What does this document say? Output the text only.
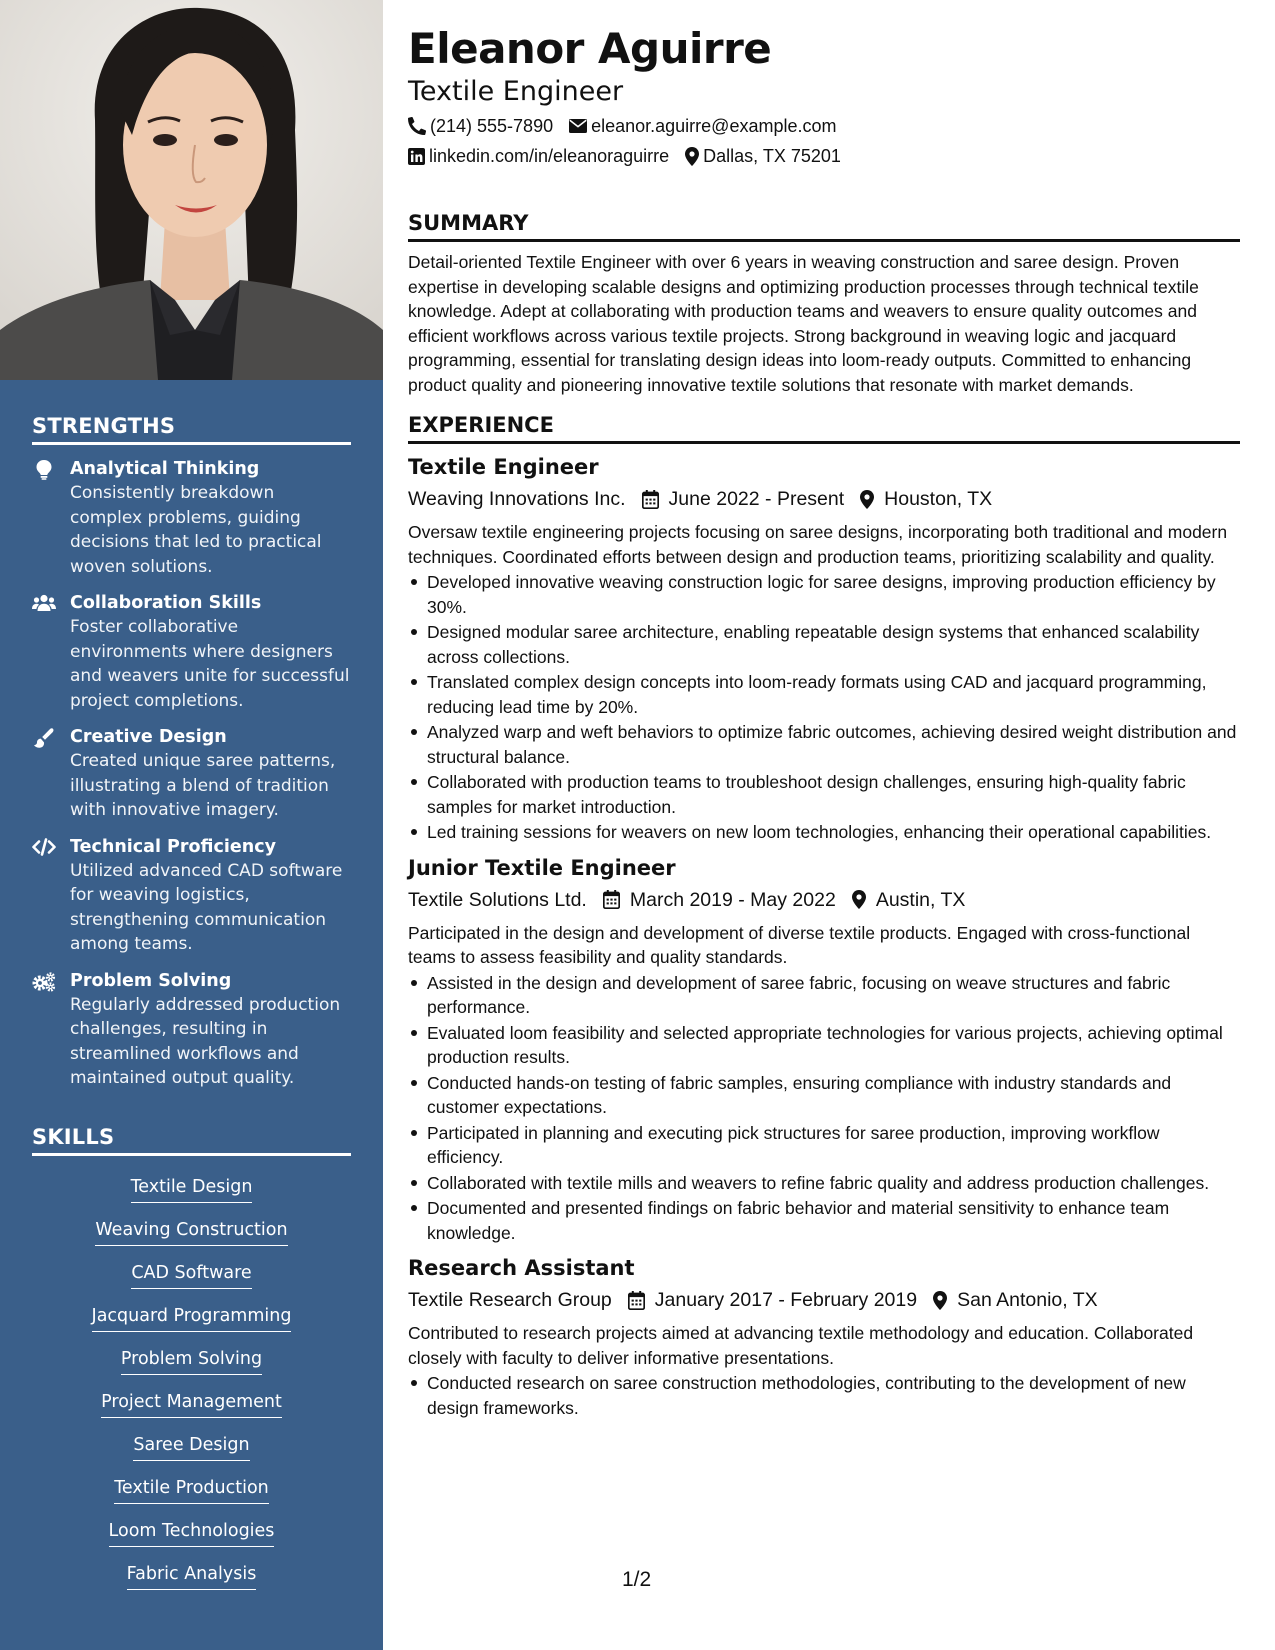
STRENGTHS
Analytical Thinking
Consistently breakdown complex problems, guiding decisions that led to practical woven solutions.
Collaboration Skills
Foster collaborative environments where designers and weavers unite for successful project completions.
Creative Design
Created unique saree patterns, illustrating a blend of tradition with innovative imagery.
Technical Proficiency
Utilized advanced CAD software for weaving logistics, strengthening communication among teams.
Problem Solving
Regularly addressed production challenges, resulting in streamlined workflows and maintained output quality.
SKILLS
Textile Design
Weaving Construction
CAD Software
Jacquard Programming
Problem Solving
Project Management
Saree Design
Textile Production
Loom Technologies
Fabric Analysis
Eleanor Aguirre
Textile Engineer
(214) 555-7890 eleanor.aguirre@example.com
linkedin.com/in/eleanoraguirre Dallas, TX 75201
SUMMARY
Detail-oriented Textile Engineer with over 6 years in weaving construction and saree design. Proven expertise in developing scalable designs and optimizing production processes through technical textile knowledge. Adept at collaborating with production teams and weavers to ensure quality outcomes and efficient workflows across various textile projects. Strong background in weaving logic and jacquard programming, essential for translating design ideas into loom-ready outputs. Committed to enhancing product quality and pioneering innovative textile solutions that resonate with market demands.
EXPERIENCE
Textile Engineer
Weaving Innovations Inc. June 2022 - Present Houston, TX
Oversaw textile engineering projects focusing on saree designs, incorporating both traditional and modern techniques. Coordinated efforts between design and production teams, prioritizing scalability and quality.
Developed innovative weaving construction logic for saree designs, improving production efficiency by 30%.
Designed modular saree architecture, enabling repeatable design systems that enhanced scalability across collections.
Translated complex design concepts into loom-ready formats using CAD and jacquard programming, reducing lead time by 20%.
Analyzed warp and weft behaviors to optimize fabric outcomes, achieving desired weight distribution and structural balance.
Collaborated with production teams to troubleshoot design challenges, ensuring high-quality fabric samples for market introduction.
Led training sessions for weavers on new loom technologies, enhancing their operational capabilities.
Junior Textile Engineer
Textile Solutions Ltd. March 2019 - May 2022 Austin, TX
Participated in the design and development of diverse textile products. Engaged with cross-functional teams to assess feasibility and quality standards.
Assisted in the design and development of saree fabric, focusing on weave structures and fabric performance.
Evaluated loom feasibility and selected appropriate technologies for various projects, achieving optimal production results.
Conducted hands-on testing of fabric samples, ensuring compliance with industry standards and customer expectations.
Participated in planning and executing pick structures for saree production, improving workflow efficiency.
Collaborated with textile mills and weavers to refine fabric quality and address production challenges.
Documented and presented findings on fabric behavior and material sensitivity to enhance team knowledge.
Research Assistant
Textile Research Group January 2017 - February 2019 San Antonio, TX
Contributed to research projects aimed at advancing textile methodology and education. Collaborated closely with faculty to deliver informative presentations.
Conducted research on saree construction methodologies, contributing to the development of new design frameworks.
1/2
